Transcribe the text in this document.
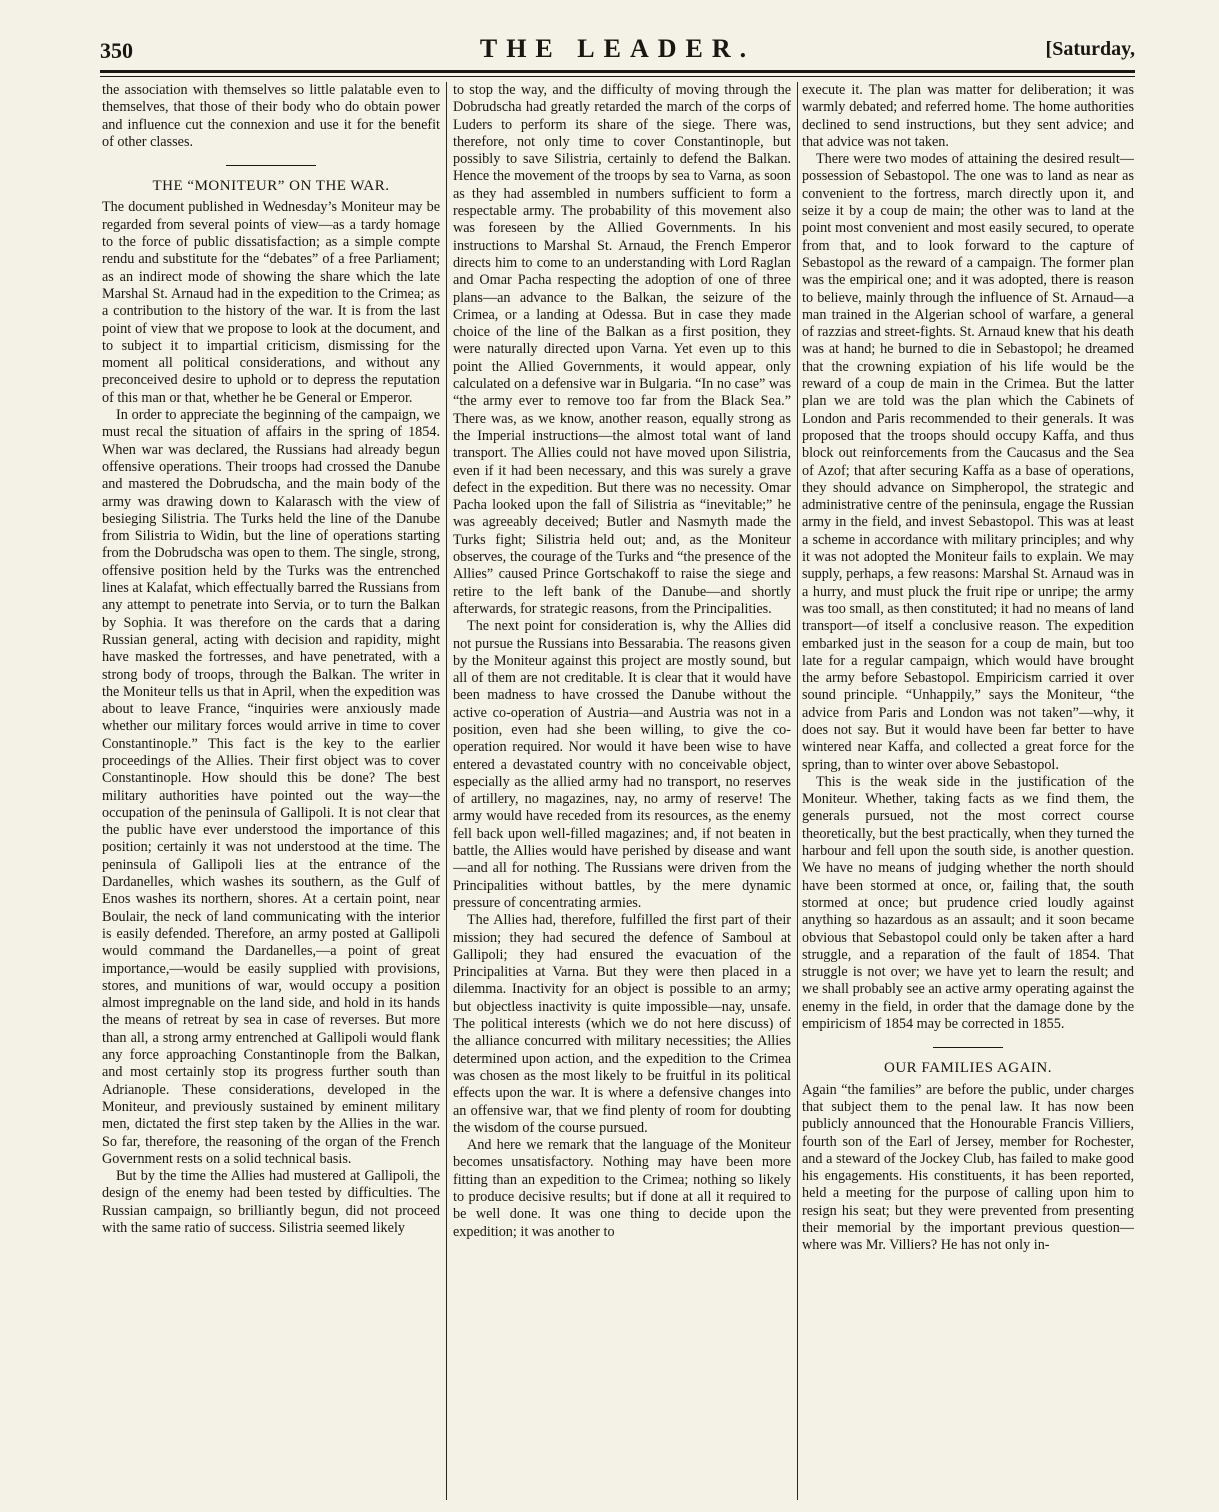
350	THE LEADER.	[Saturday,

the association with themselves so little palatable even to themselves, that those of their body who do obtain power and influence cut the connexion and use it for the benefit of other classes.

THE “MONITEUR” ON THE WAR.

The document published in Wednesday’s Moniteur may be regarded from several points of view—as a tardy homage to the force of public dissatisfaction; as a simple compte rendu and substitute for the “debates” of a free Parliament; as an indirect mode of showing the share which the late Marshal St. Arnaud had in the expedition to the Crimea; as a contribution to the history of the war. It is from the last point of view that we propose to look at the document, and to subject it to impartial criticism, dismissing for the moment all political considerations, and without any preconceived desire to uphold or to depress the reputation of this man or that, whether he be General or Emperor.

In order to appreciate the beginning of the campaign, we must recal the situation of affairs in the spring of 1854. When war was declared, the Russians had already begun offensive operations. Their troops had crossed the Danube and mastered the Dobrudscha, and the main body of the army was drawing down to Kalarasch with the view of besieging Silistria. The Turks held the line of the Danube from Silistria to Widin, but the line of operations starting from the Dobrudscha was open to them. The single, strong, offensive position held by the Turks was the entrenched lines at Kalafat, which effectually barred the Russians from any attempt to penetrate into Servia, or to turn the Balkan by Sophia. It was therefore on the cards that a daring Russian general, acting with decision and rapidity, might have masked the fortresses, and have penetrated, with a strong body of troops, through the Balkan. The writer in the Moniteur tells us that in April, when the expedition was about to leave France, “inquiries were anxiously made whether our military forces would arrive in time to cover Constantinople.” This fact is the key to the earlier proceedings of the Allies. Their first object was to cover Constantinople. How should this be done? The best military authorities have pointed out the way—the occupation of the peninsula of Gallipoli. It is not clear that the public have ever understood the importance of this position; certainly it was not understood at the time. The peninsula of Gallipoli lies at the entrance of the Dardanelles, which washes its southern, as the Gulf of Enos washes its northern, shores. At a certain point, near Boulair, the neck of land communicating with the interior is easily defended. Therefore, an army posted at Gallipoli would command the Dardanelles,—a point of great importance,—would be easily supplied with provisions, stores, and munitions of war, would occupy a position almost impregnable on the land side, and hold in its hands the means of retreat by sea in case of reverses. But more than all, a strong army entrenched at Gallipoli would flank any force approaching Constantinople from the Balkan, and most certainly stop its progress further south than Adrianople. These considerations, developed in the Moniteur, and previously sustained by eminent military men, dictated the first step taken by the Allies in the war. So far, therefore, the reasoning of the organ of the French Government rests on a solid technical basis.

But by the time the Allies had mustered at Gallipoli, the design of the enemy had been tested by difficulties. The Russian campaign, so brilliantly begun, did not proceed with the same ratio of success. Silistria seemed likely

to stop the way, and the difficulty of moving through the Dobrudscha had greatly retarded the march of the corps of Luders to perform its share of the siege. There was, therefore, not only time to cover Constantinople, but possibly to save Silistria, certainly to defend the Balkan. Hence the movement of the troops by sea to Varna, as soon as they had assembled in numbers sufficient to form a respectable army. The probability of this movement also was foreseen by the Allied Governments. In his instructions to Marshal St. Arnaud, the French Emperor directs him to come to an understanding with Lord Raglan and Omar Pacha respecting the adoption of one of three plans—an advance to the Balkan, the seizure of the Crimea, or a landing at Odessa. But in case they made choice of the line of the Balkan as a first position, they were naturally directed upon Varna. Yet even up to this point the Allied Governments, it would appear, only calculated on a defensive war in Bulgaria. “In no case” was “the army ever to remove too far from the Black Sea.” There was, as we know, another reason, equally strong as the Imperial instructions—the almost total want of land transport. The Allies could not have moved upon Silistria, even if it had been necessary, and this was surely a grave defect in the expedition. But there was no necessity. Omar Pacha looked upon the fall of Silistria as “inevitable;” he was agreeably deceived; Butler and Nasmyth made the Turks fight; Silistria held out; and, as the Moniteur observes, the courage of the Turks and “the presence of the Allies” caused Prince Gortschakoff to raise the siege and retire to the left bank of the Danube—and shortly afterwards, for strategic reasons, from the Principalities.

The next point for consideration is, why the Allies did not pursue the Russians into Bessarabia. The reasons given by the Moniteur against this project are mostly sound, but all of them are not creditable. It is clear that it would have been madness to have crossed the Danube without the active co-operation of Austria—and Austria was not in a position, even had she been willing, to give the co-operation required. Nor would it have been wise to have entered a devastated country with no conceivable object, especially as the allied army had no transport, no reserves of artillery, no magazines, nay, no army of reserve! The army would have receded from its resources, as the enemy fell back upon well-filled magazines; and, if not beaten in battle, the Allies would have perished by disease and want—and all for nothing. The Russians were driven from the Principalities without battles, by the mere dynamic pressure of concentrating armies.

The Allies had, therefore, fulfilled the first part of their mission; they had secured the defence of Samboul at Gallipoli; they had ensured the evacuation of the Principalities at Varna. But they were then placed in a dilemma. Inactivity for an object is possible to an army; but objectless inactivity is quite impossible—nay, unsafe. The political interests (which we do not here discuss) of the alliance concurred with military necessities; the Allies determined upon action, and the expedition to the Crimea was chosen as the most likely to be fruitful in its political effects upon the war. It is where a defensive changes into an offensive war, that we find plenty of room for doubting the wisdom of the course pursued.

And here we remark that the language of the Moniteur becomes unsatisfactory. Nothing may have been more fitting than an expedition to the Crimea; nothing so likely to produce decisive results; but if done at all it required to be well done. It was one thing to decide upon the expedition; it was another to

execute it. The plan was matter for deliberation; it was warmly debated; and referred home. The home authorities declined to send instructions, but they sent advice; and that advice was not taken.

There were two modes of attaining the desired result—possession of Sebastopol. The one was to land as near as convenient to the fortress, march directly upon it, and seize it by a coup de main; the other was to land at the point most convenient and most easily secured, to operate from that, and to look forward to the capture of Sebastopol as the reward of a campaign. The former plan was the empirical one; and it was adopted, there is reason to believe, mainly through the influence of St. Arnaud—a man trained in the Algerian school of warfare, a general of razzias and street-fights. St. Arnaud knew that his death was at hand; he burned to die in Sebastopol; he dreamed that the crowning expiation of his life would be the reward of a coup de main in the Crimea. But the latter plan we are told was the plan which the Cabinets of London and Paris recommended to their generals. It was proposed that the troops should occupy Kaffa, and thus block out reinforcements from the Caucasus and the Sea of Azof; that after securing Kaffa as a base of operations, they should advance on Simpheropol, the strategic and administrative centre of the peninsula, engage the Russian army in the field, and invest Sebastopol. This was at least a scheme in accordance with military principles; and why it was not adopted the Moniteur fails to explain. We may supply, perhaps, a few reasons: Marshal St. Arnaud was in a hurry, and must pluck the fruit ripe or unripe; the army was too small, as then constituted; it had no means of land transport—of itself a conclusive reason. The expedition embarked just in the season for a coup de main, but too late for a regular campaign, which would have brought the army before Sebastopol. Empiricism carried it over sound principle. “Unhappily,” says the Moniteur, “the advice from Paris and London was not taken”—why, it does not say. But it would have been far better to have wintered near Kaffa, and collected a great force for the spring, than to winter over above Sebastopol.

This is the weak side in the justification of the Moniteur. Whether, taking facts as we find them, the generals pursued, not the most correct course theoretically, but the best practically, when they turned the harbour and fell upon the south side, is another question. We have no means of judging whether the north should have been stormed at once, or, failing that, the south stormed at once; but prudence cried loudly against anything so hazardous as an assault; and it soon became obvious that Sebastopol could only be taken after a hard struggle, and a reparation of the fault of 1854. That struggle is not over; we have yet to learn the result; and we shall probably see an active army operating against the enemy in the field, in order that the damage done by the empiricism of 1854 may be corrected in 1855.

OUR FAMILIES AGAIN.

Again “the families” are before the public, under charges that subject them to the penal law. It has now been publicly announced that the Honourable Francis Villiers, fourth son of the Earl of Jersey, member for Rochester, and a steward of the Jockey Club, has failed to make good his engagements. His constituents, it has been reported, held a meeting for the purpose of calling upon him to resign his seat; but they were prevented from presenting their memorial by the important previous question—where was Mr. Villiers? He has not only in-
